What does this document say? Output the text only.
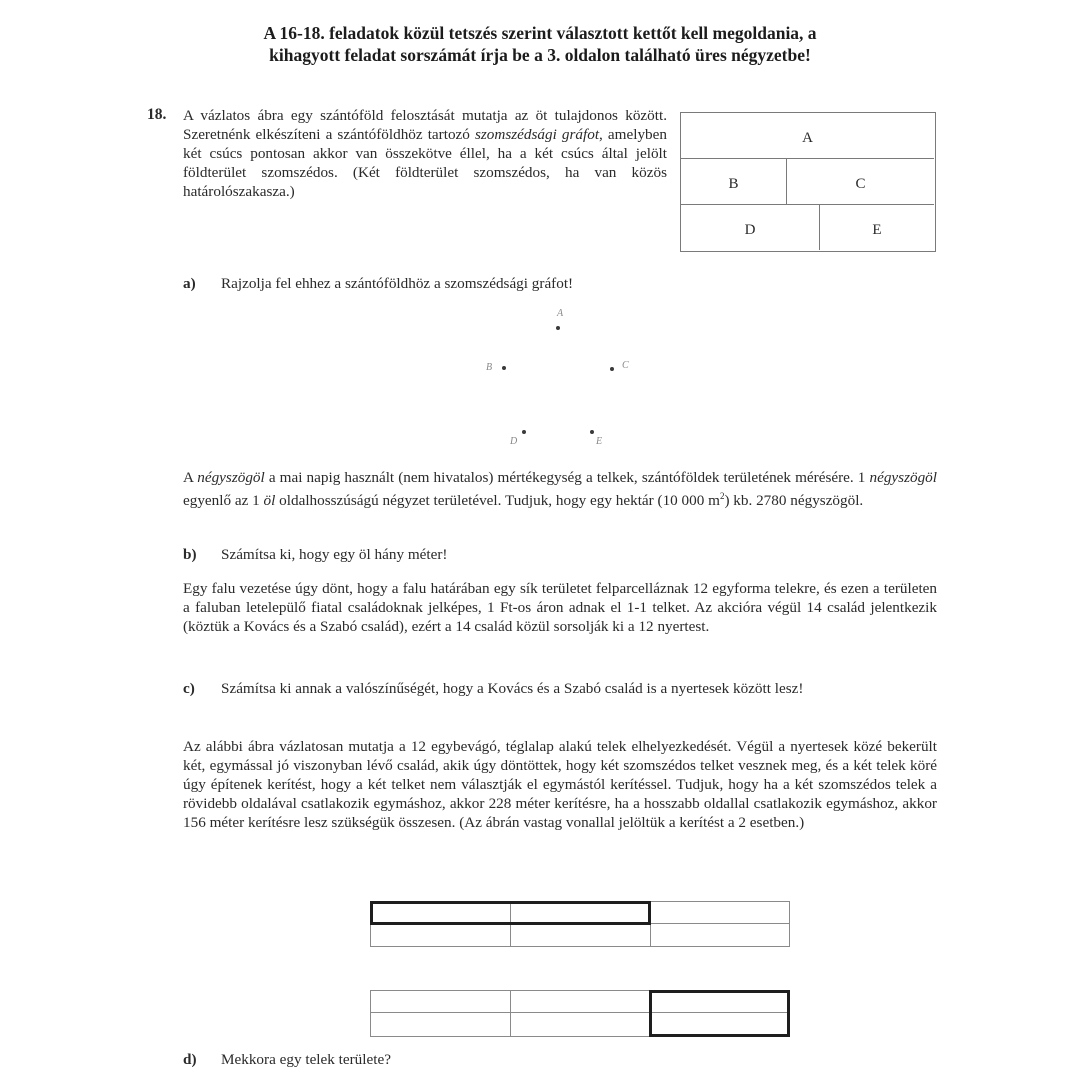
A 16-18. feladatok közül tetszés szerint választott kettőt kell megoldania, a
kihagyott feladat sorszámát írja be a 3. oldalon található üres négyzetbe!
18. A vázlatos ábra egy szántóföld felosztását mutatja az öt tulajdonos között. Szeretnénk elkészíteni a szántóföldhöz tartozó szomszédsági gráfot, amelyben két csúcs pontosan akkor van összekötve éllel, ha a két csúcs által jelölt földterület szomszédos. (Két földterület szomszédos, ha van közös határolószakasza.)
A
B	C
D	E
a) Rajzolja fel ehhez a szántóföldhöz a szomszédsági gráfot!
A
B	C
D	E
A négyszögöl a mai napig használt (nem hivatalos) mértékegység a telkek, szántóföldek területének mérésére. 1 négyszögöl egyenlő az 1 öl oldalhosszúságú négyzet területével. Tudjuk, hogy egy hektár (10 000 $m^2$) kb. 2780 négyszögöl.
b) Számítsa ki, hogy egy öl hány méter!
Egy falu vezetése úgy dönt, hogy a falu határában egy sík területet felparcelláznak 12 egyforma telekre, és ezen a területen a faluban letelepülő fiatal családoknak jelképes, 1 Ft-os áron adnak el 1-1 telket. Az akcióra végül 14 család jelentkezik (köztük a Kovács és a Szabó család), ezért a 14 család közül sorsolják ki a 12 nyertest.
c) Számítsa ki annak a valószínűségét, hogy a Kovács és a Szabó család is a nyertesek között lesz!
Az alábbi ábra vázlatosan mutatja a 12 egybevágó, téglalap alakú telek elhelyezkedését. Végül a nyertesek közé bekerült két, egymással jó viszonyban lévő család, akik úgy döntöttek, hogy két szomszédos telket vesznek meg, és a két telek köré úgy építenek kerítést, hogy a két telket nem választják el egymástól kerítéssel. Tudjuk, hogy ha a két szomszédos telek a rövidebb oldalával csatlakozik egymáshoz, akkor 228 méter kerítésre, ha a hosszabb oldallal csatlakozik egymáshoz, akkor 156 méter kerítésre lesz szükségük összesen. (Az ábrán vastag vonallal jelöltük a kerítést a 2 esetben.)
d) Mekkora egy telek területe?
